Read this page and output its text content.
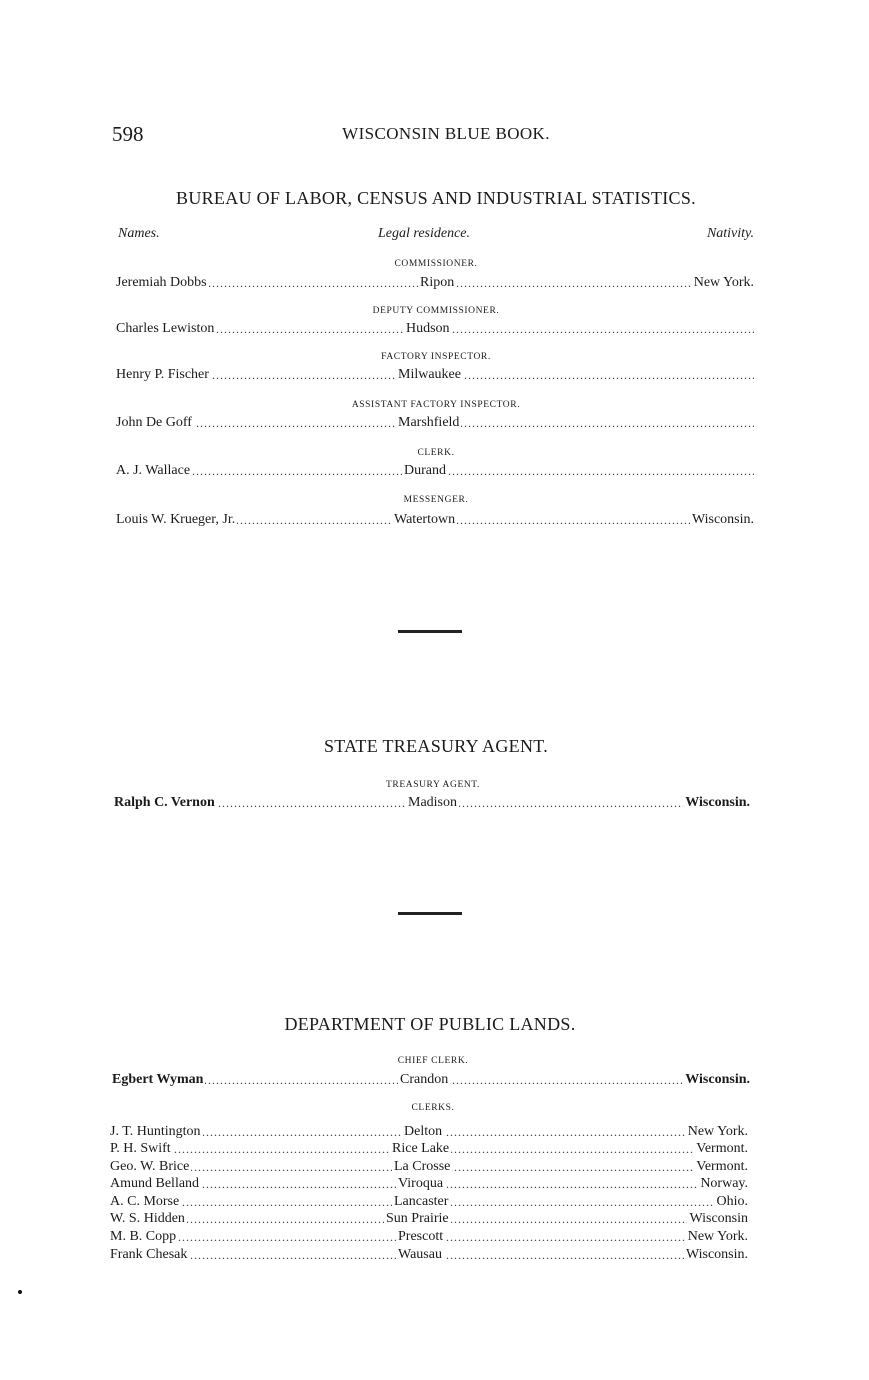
598	WISCONSIN BLUE BOOK.
BUREAU OF LABOR, CENSUS AND INDUSTRIAL STATISTICS.
Names.	Legal residence.	Nativity.
COMMISSIONER.
.....
Jeremiah Dobbs	Ripon	New York.
DEPUTY COMMISSIONER.
.....
Charles Lewiston	Hudson
FACTORY INSPECTOR.
.....
Henry P. Fischer	Milwaukee
ASSISTANT FACTORY INSPECTOR.
.....
John De Goff	Marshfield
CLERK.
.....
A. J. Wallace	Durand
MESSENGER.
.....
Louis W. Krueger, Jr.	Watertown	Wisconsin.
STATE TREASURY AGENT.
TREASURY AGENT.
.....
Ralph C. Vernon	Madison	Wisconsin.
DEPARTMENT OF PUBLIC LANDS.
CHIEF CLERK.
.....
Egbert Wyman	Crandon	Wisconsin.
CLERKS.
.....
J. T. Huntington	Delton	New York.
.....
P. H. Swift	Rice Lake	Vermont.
.....
Geo. W. Brice	La Crosse	Vermont.
.....
Amund Belland	Viroqua	Norway.
.....
A. C. Morse	Lancaster	Ohio.
.....
W. S. Hidden	Sun Prairie	Wisconsin
.....
M. B. Copp	Prescott	New York.
.....
Frank Chesak	Wausau	Wisconsin.
